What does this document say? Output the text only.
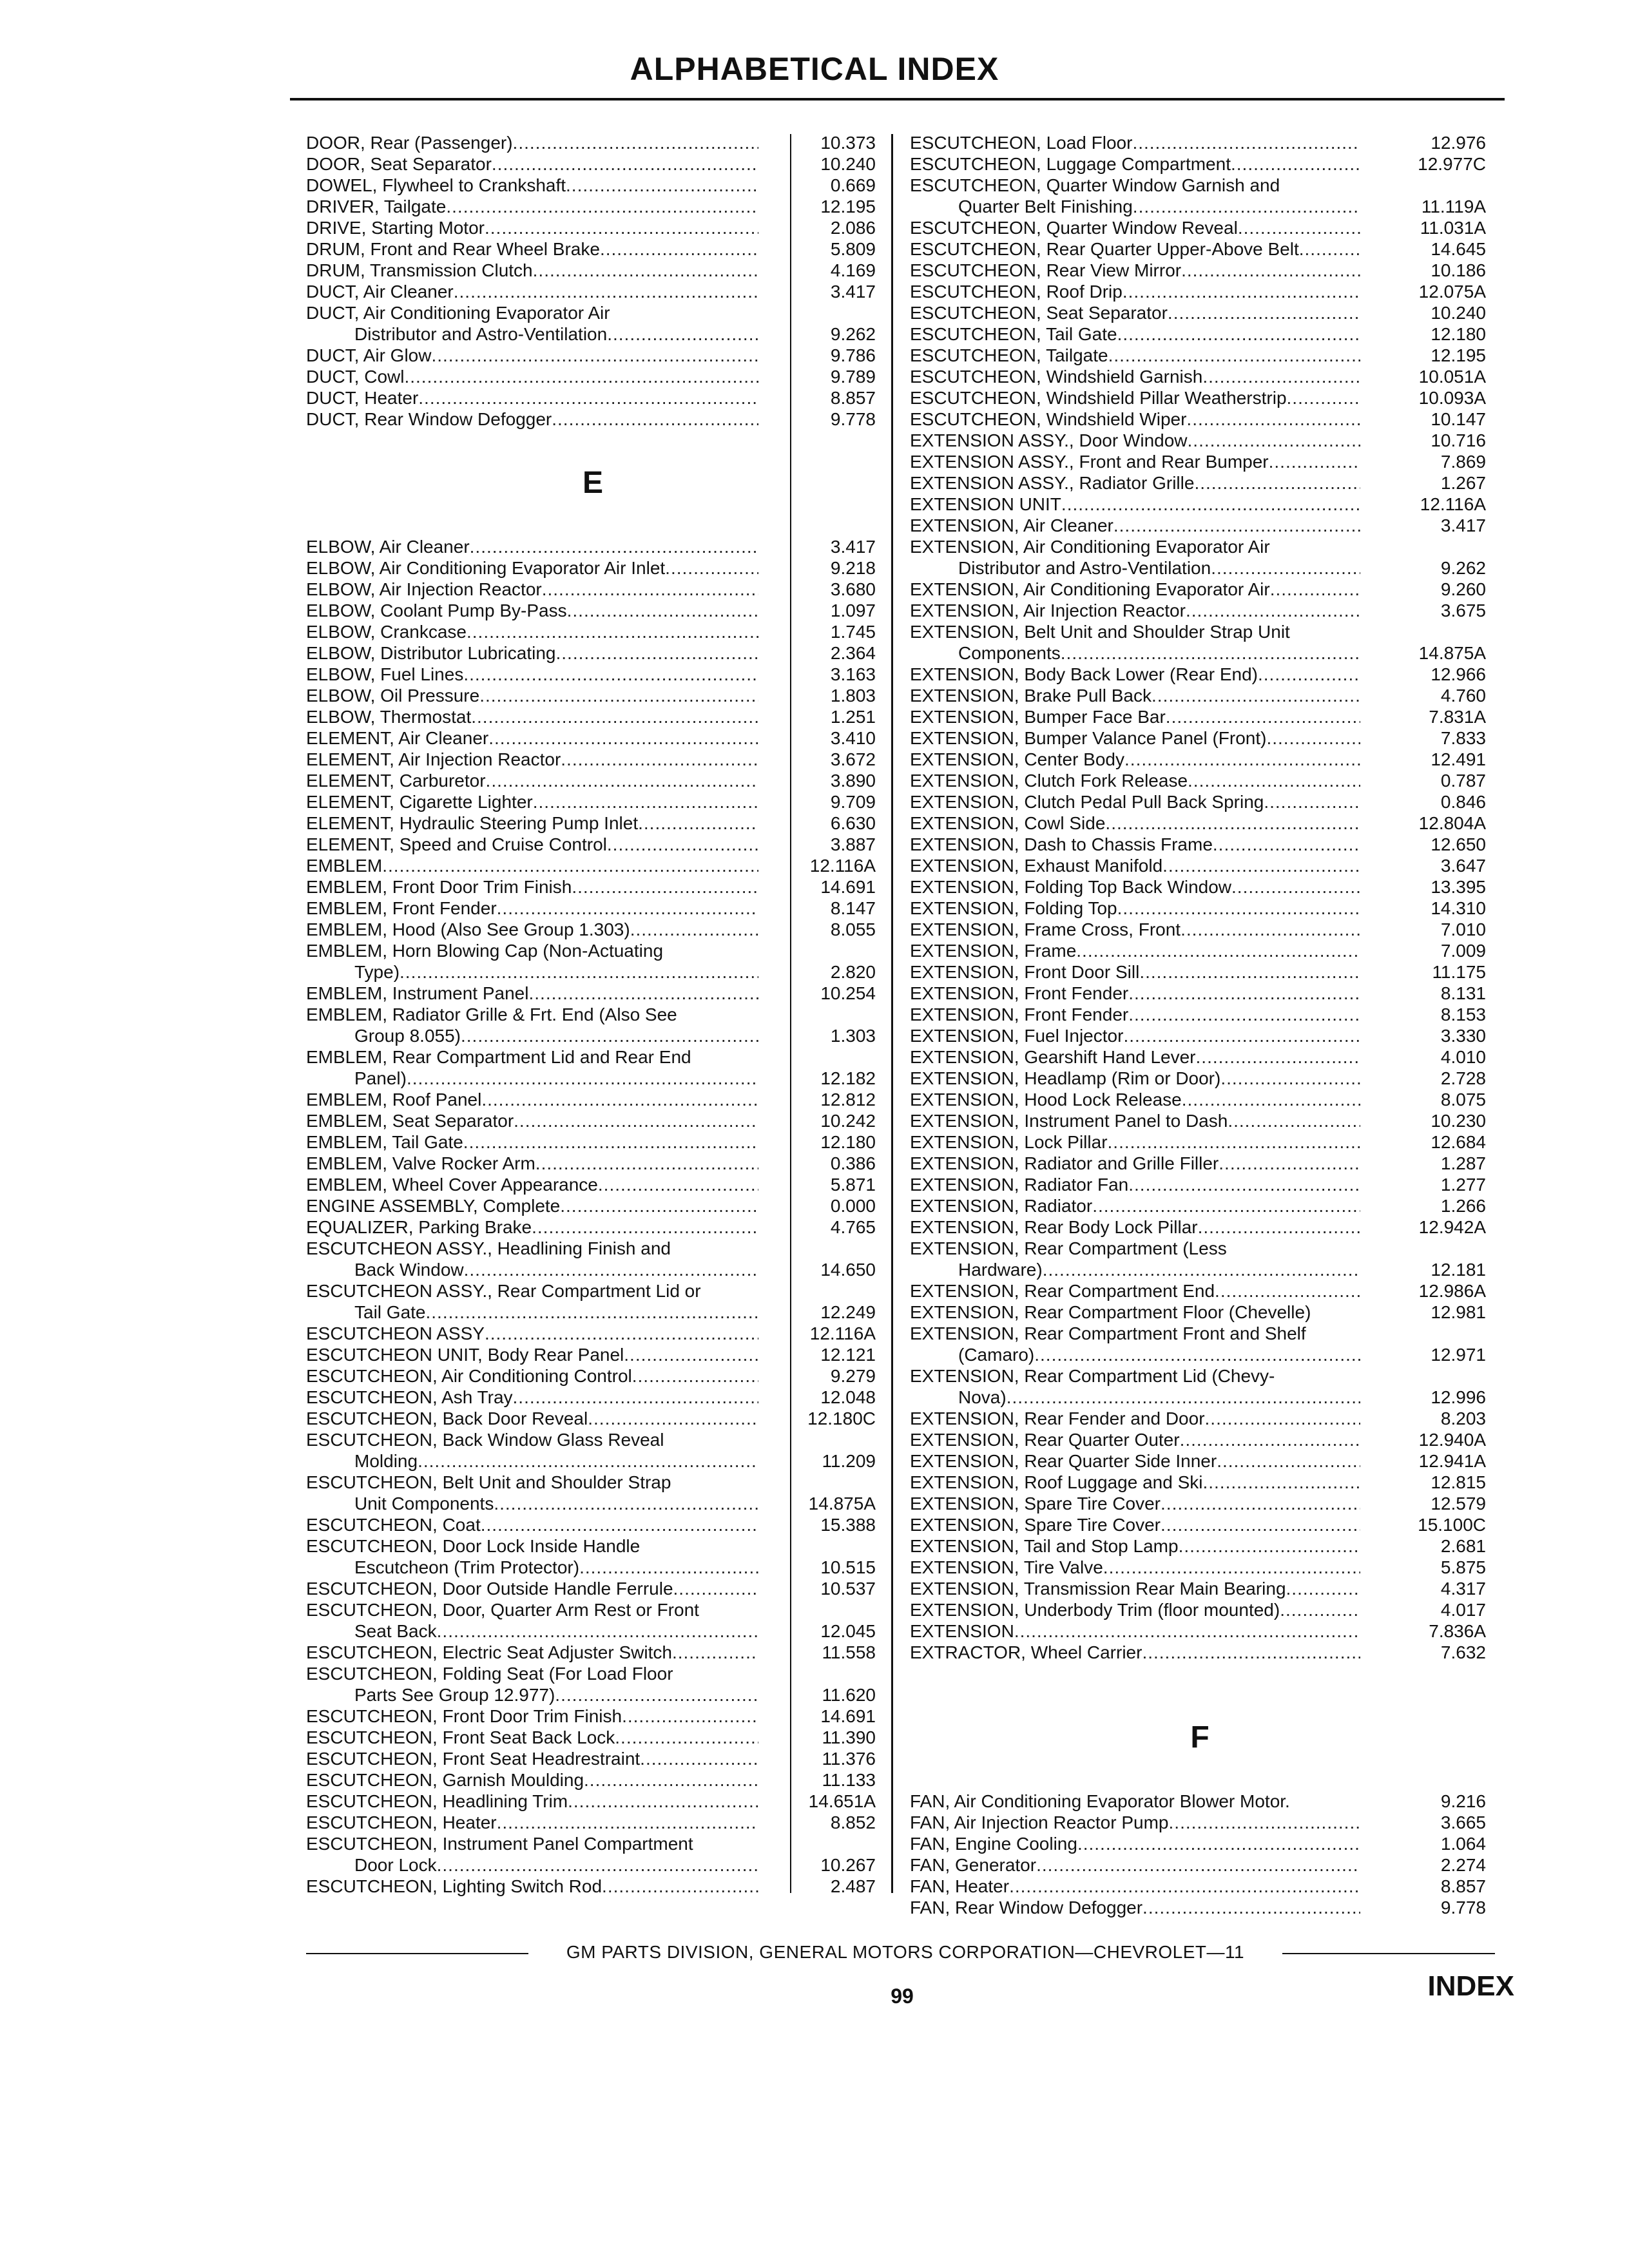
ALPHABETICAL INDEX
DOOR, Rear (Passenger) .....	10.373
DOOR, Seat Separator .....	10.240
DOWEL, Flywheel to Crankshaft .....	0.669
DRIVER, Tailgate .....	12.195
DRIVE, Starting Motor .....	2.086
DRUM, Front and Rear Wheel Brake .....	5.809
DRUM, Transmission Clutch .....	4.169
DUCT, Air Cleaner .....	3.417
DUCT, Air Conditioning Evaporator Air
Distributor and Astro-Ventilation .....	9.262
DUCT, Air Glow .....	9.786
DUCT, Cowl .....	9.789
DUCT, Heater .....	8.857
DUCT, Rear Window Defogger .....	9.778
E
ELBOW, Air Cleaner .....	3.417
ELBOW, Air Conditioning Evaporator Air Inlet .....	9.218
ELBOW, Air Injection Reactor .....	3.680
ELBOW, Coolant Pump By-Pass .....	1.097
ELBOW, Crankcase .....	1.745
ELBOW, Distributor Lubricating .....	2.364
ELBOW, Fuel Lines .....	3.163
ELBOW, Oil Pressure .....	1.803
ELBOW, Thermostat .....	1.251
ELEMENT, Air Cleaner .....	3.410
ELEMENT, Air Injection Reactor .....	3.672
ELEMENT, Carburetor .....	3.890
ELEMENT, Cigarette Lighter .....	9.709
ELEMENT, Hydraulic Steering Pump Inlet .....	6.630
ELEMENT, Speed and Cruise Control .....	3.887
EMBLEM .....	12.116A
EMBLEM, Front Door Trim Finish .....	14.691
EMBLEM, Front Fender .....	8.147
EMBLEM, Hood (Also See Group 1.303) .....	8.055
EMBLEM, Horn Blowing Cap (Non-Actuating
Type) .....	2.820
EMBLEM, Instrument Panel .....	10.254
EMBLEM, Radiator Grille & Frt. End (Also See
Group 8.055) .....	1.303
EMBLEM, Rear Compartment Lid and Rear End
Panel) .....	12.182
EMBLEM, Roof Panel .....	12.812
EMBLEM, Seat Separator .....	10.242
EMBLEM, Tail Gate .....	12.180
EMBLEM, Valve Rocker Arm .....	0.386
EMBLEM, Wheel Cover Appearance .....	5.871
ENGINE ASSEMBLY, Complete .....	0.000
EQUALIZER, Parking Brake .....	4.765
ESCUTCHEON ASSY., Headlining Finish and
Back Window .....	14.650
ESCUTCHEON ASSY., Rear Compartment Lid or
Tail Gate .....	12.249
ESCUTCHEON ASSY .....	12.116A
ESCUTCHEON UNIT, Body Rear Panel .....	12.121
ESCUTCHEON, Air Conditioning Control .....	9.279
ESCUTCHEON, Ash Tray .....	12.048
ESCUTCHEON, Back Door Reveal .....	12.180C
ESCUTCHEON, Back Window Glass Reveal
Molding .....	11.209
ESCUTCHEON, Belt Unit and Shoulder Strap
Unit Components .....	14.875A
ESCUTCHEON, Coat .....	15.388
ESCUTCHEON, Door Lock Inside Handle
Escutcheon (Trim Protector) .....	10.515
ESCUTCHEON, Door Outside Handle Ferrule .....	10.537
ESCUTCHEON, Door, Quarter Arm Rest or Front
Seat Back .....	12.045
ESCUTCHEON, Electric Seat Adjuster Switch .....	11.558
ESCUTCHEON, Folding Seat (For Load Floor
Parts See Group 12.977) .....	11.620
ESCUTCHEON, Front Door Trim Finish .....	14.691
ESCUTCHEON, Front Seat Back Lock .....	11.390
ESCUTCHEON, Front Seat Headrestraint .....	11.376
ESCUTCHEON, Garnish Moulding .....	11.133
ESCUTCHEON, Headlining Trim .....	14.651A
ESCUTCHEON, Heater .....	8.852
ESCUTCHEON, Instrument Panel Compartment
Door Lock .....	10.267
ESCUTCHEON, Lighting Switch Rod .....	2.487
ESCUTCHEON, Load Floor .....	12.976
ESCUTCHEON, Luggage Compartment .....	12.977C
ESCUTCHEON, Quarter Window Garnish and
Quarter Belt Finishing .....	11.119A
ESCUTCHEON, Quarter Window Reveal .....	11.031A
ESCUTCHEON, Rear Quarter Upper-Above Belt .....	14.645
ESCUTCHEON, Rear View Mirror .....	10.186
ESCUTCHEON, Roof Drip .....	12.075A
ESCUTCHEON, Seat Separator .....	10.240
ESCUTCHEON, Tail Gate .....	12.180
ESCUTCHEON, Tailgate .....	12.195
ESCUTCHEON, Windshield Garnish .....	10.051A
ESCUTCHEON, Windshield Pillar Weatherstrip .....	10.093A
ESCUTCHEON, Windshield Wiper .....	10.147
EXTENSION ASSY., Door Window .....	10.716
EXTENSION ASSY., Front and Rear Bumper .....	7.869
EXTENSION ASSY., Radiator Grille .....	1.267
EXTENSION UNIT .....	12.116A
EXTENSION, Air Cleaner .....	3.417
EXTENSION, Air Conditioning Evaporator Air
Distributor and Astro-Ventilation .....	9.262
EXTENSION, Air Conditioning Evaporator Air .....	9.260
EXTENSION, Air Injection Reactor .....	3.675
EXTENSION, Belt Unit and Shoulder Strap Unit
Components .....	14.875A
EXTENSION, Body Back Lower (Rear End) .....	12.966
EXTENSION, Brake Pull Back .....	4.760
EXTENSION, Bumper Face Bar .....	7.831A
EXTENSION, Bumper Valance Panel (Front) .....	7.833
EXTENSION, Center Body .....	12.491
EXTENSION, Clutch Fork Release .....	0.787
EXTENSION, Clutch Pedal Pull Back Spring .....	0.846
EXTENSION, Cowl Side .....	12.804A
EXTENSION, Dash to Chassis Frame .....	12.650
EXTENSION, Exhaust Manifold .....	3.647
EXTENSION, Folding Top Back Window .....	13.395
EXTENSION, Folding Top .....	14.310
EXTENSION, Frame Cross, Front .....	7.010
EXTENSION, Frame .....	7.009
EXTENSION, Front Door Sill .....	11.175
EXTENSION, Front Fender .....	8.131
EXTENSION, Front Fender .....	8.153
EXTENSION, Fuel Injector .....	3.330
EXTENSION, Gearshift Hand Lever .....	4.010
EXTENSION, Headlamp (Rim or Door) .....	2.728
EXTENSION, Hood Lock Release .....	8.075
EXTENSION, Instrument Panel to Dash .....	10.230
EXTENSION, Lock Pillar .....	12.684
EXTENSION, Radiator and Grille Filler .....	1.287
EXTENSION, Radiator Fan .....	1.277
EXTENSION, Radiator .....	1.266
EXTENSION, Rear Body Lock Pillar .....	12.942A
EXTENSION, Rear Compartment (Less
Hardware) .....	12.181
EXTENSION, Rear Compartment End .....	12.986A
EXTENSION, Rear Compartment Floor (Chevelle)	12.981
EXTENSION, Rear Compartment Front and Shelf
(Camaro) .....	12.971
EXTENSION, Rear Compartment Lid (Chevy-
Nova) .....	12.996
EXTENSION, Rear Fender and Door .....	8.203
EXTENSION, Rear Quarter Outer .....	12.940A
EXTENSION, Rear Quarter Side Inner .....	12.941A
EXTENSION, Roof Luggage and Ski .....	12.815
EXTENSION, Spare Tire Cover .....	12.579
EXTENSION, Spare Tire Cover .....	15.100C
EXTENSION, Tail and Stop Lamp .....	2.681
EXTENSION, Tire Valve .....	5.875
EXTENSION, Transmission Rear Main Bearing .....	4.317
EXTENSION, Underbody Trim (floor mounted) .....	4.017
EXTENSION .....	7.836A
EXTRACTOR, Wheel Carrier .....	7.632
F
FAN, Air Conditioning Evaporator Blower Motor.	9.216
FAN, Air Injection Reactor Pump .....	3.665
FAN, Engine Cooling .....	1.064
FAN, Generator .....	2.274
FAN, Heater .....	8.857
FAN, Rear Window Defogger .....	9.778
GM PARTS DIVISION, GENERAL MOTORS CORPORATION—CHEVROLET—11
99	INDEX
